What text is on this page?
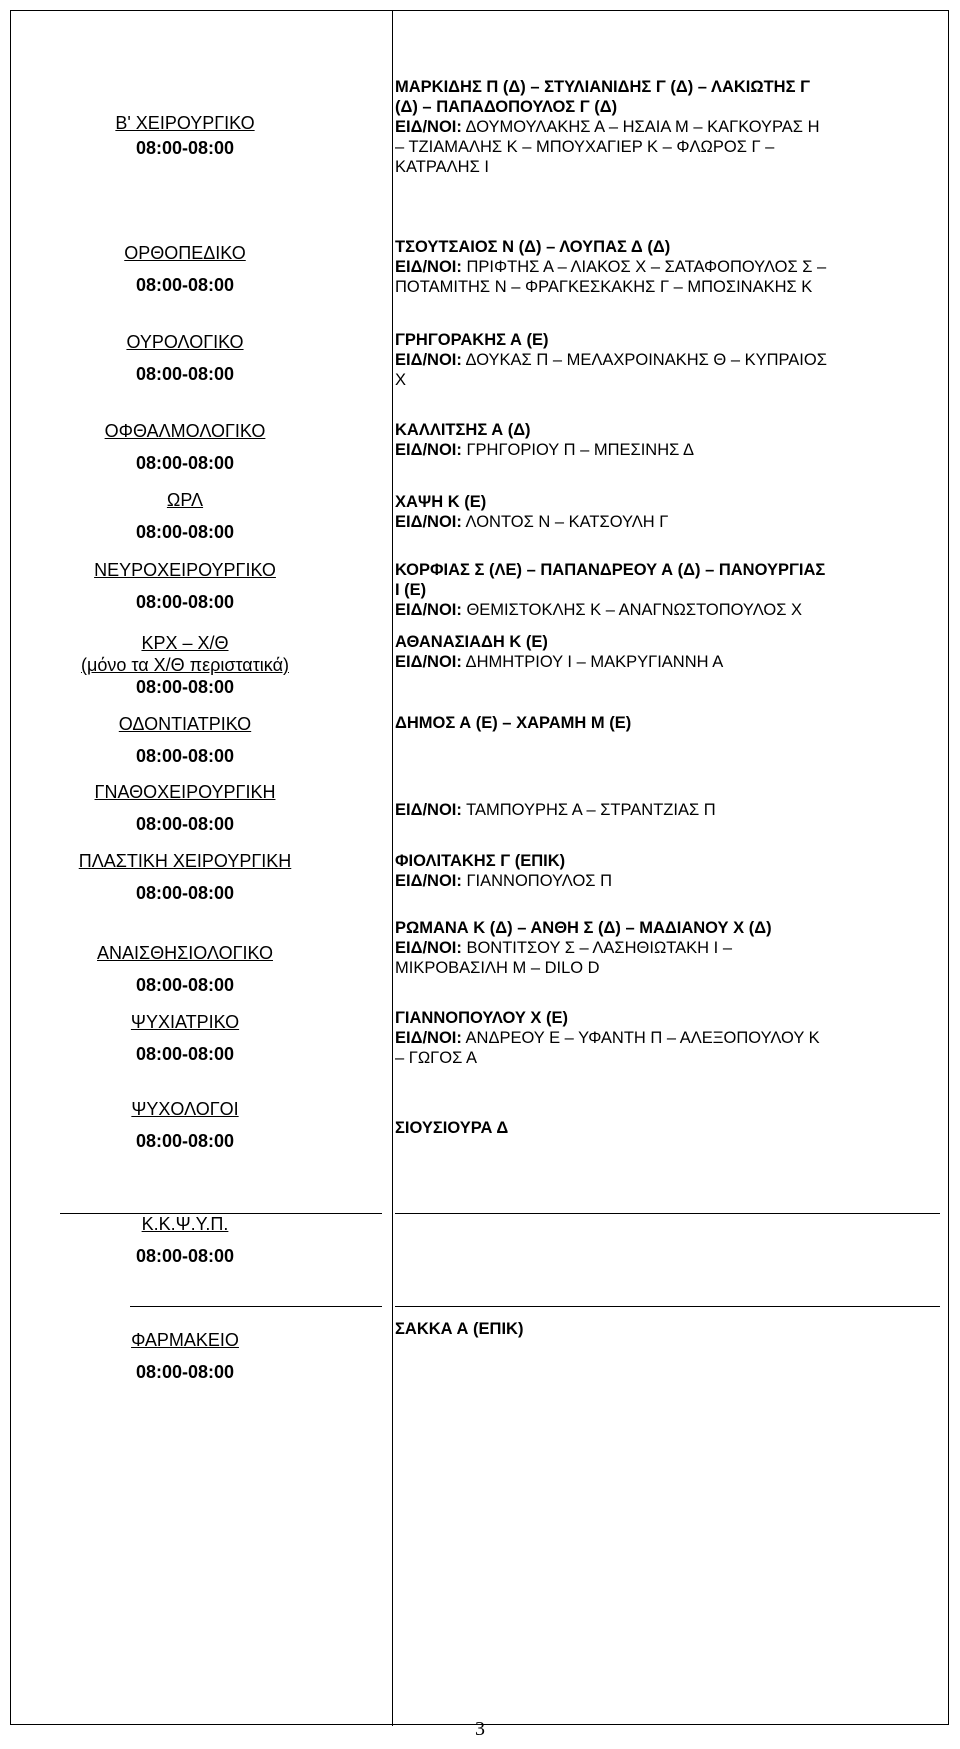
Β' ΧΕΙΡΟΥΡΓΙΚΟ
08:00-08:00
ΜΑΡΚΙΔΗΣ Π (Δ) – ΣΤΥΛΙΑΝΙΔΗΣ Γ (Δ) – ΛΑΚΙΩΤΗΣ Γ
(Δ) – ΠΑΠΑΔΟΠΟΥΛΟΣ Γ (Δ)
ΕΙΔ/ΝΟΙ: ΔΟΥΜΟΥΛΑΚΗΣ Α – ΗΣΑΙΑ Μ – ΚΑΓΚΟΥΡΑΣ Η
– ΤΖΙΑΜΑΛΗΣ Κ – ΜΠΟΥΧΑΓΙΕΡ Κ – ΦΛΩΡΟΣ Γ –
ΚΑΤΡΑΛΗΣ Ι
ΟΡΘΟΠΕΔΙΚΟ
08:00-08:00
ΤΣΟΥΤΣΑΙΟΣ Ν (Δ) – ΛΟΥΠΑΣ Δ (Δ)
ΕΙΔ/ΝΟΙ: ΠΡΙΦΤΗΣ Α – ΛΙΑΚΟΣ Χ – ΣΑΤΑΦΟΠΟΥΛΟΣ Σ –
ΠΟΤΑΜΙΤΗΣ Ν – ΦΡΑΓΚΕΣΚΑΚΗΣ Γ – ΜΠΟΣΙΝΑΚΗΣ Κ
ΟΥΡΟΛΟΓΙΚΟ
08:00-08:00
ΓΡΗΓΟΡΑΚΗΣ Α (Ε)
ΕΙΔ/ΝΟΙ: ΔΟΥΚΑΣ Π – ΜΕΛΑΧΡΟΙΝΑΚΗΣ Θ – ΚΥΠΡΑΙΟΣ
Χ
ΟΦΘΑΛΜΟΛΟΓΙΚΟ
08:00-08:00
ΚΑΛΛΙΤΣΗΣ Α (Δ)
ΕΙΔ/ΝΟΙ: ΓΡΗΓΟΡΙΟΥ Π – ΜΠΕΣΙΝΗΣ Δ
ΩΡΛ
08:00-08:00
ΧΑΨΗ Κ (Ε)
ΕΙΔ/ΝΟΙ: ΛΟΝΤΟΣ Ν – ΚΑΤΣΟΥΛΗ Γ
ΝΕΥΡΟΧΕΙΡΟΥΡΓΙΚΟ
08:00-08:00
ΚΟΡΦΙΑΣ Σ (ΛΕ) – ΠΑΠΑΝΔΡΕΟΥ Α (Δ) – ΠΑΝΟΥΡΓΙΑΣ
Ι (Ε)
ΕΙΔ/ΝΟΙ: ΘΕΜΙΣΤΟΚΛΗΣ Κ – ΑΝΑΓΝΩΣΤΟΠΟΥΛΟΣ Χ
ΚΡΧ – Χ/Θ
(μόνο τα Χ/Θ περιστατικά)
08:00-08:00
ΑΘΑΝΑΣΙΑΔΗ Κ (Ε)
ΕΙΔ/ΝΟΙ: ΔΗΜΗΤΡΙΟΥ Ι – ΜΑΚΡΥΓΙΑΝΝΗ Α
ΟΔΟΝΤΙΑΤΡΙΚΟ
08:00-08:00
ΔΗΜΟΣ Α (Ε) – ΧΑΡΑΜΗ Μ (Ε)
ΓΝΑΘΟΧΕΙΡΟΥΡΓΙΚΗ
08:00-08:00
ΕΙΔ/ΝΟΙ: ΤΑΜΠΟΥΡΗΣ Α – ΣΤΡΑΝΤΖΙΑΣ Π
ΠΛΑΣΤΙΚΗ ΧΕΙΡΟΥΡΓΙΚΗ
08:00-08:00
ΦΙΟΛΙΤΑΚΗΣ Γ (ΕΠΙΚ)
ΕΙΔ/ΝΟΙ: ΓΙΑΝΝΟΠΟΥΛΟΣ Π
ΑΝΑΙΣΘΗΣΙΟΛΟΓΙΚΟ
08:00-08:00
ΡΩΜΑΝΑ Κ (Δ) – ΑΝΘΗ Σ (Δ) – ΜΑΔΙΑΝΟΥ Χ (Δ)
ΕΙΔ/ΝΟΙ: ΒΟΝΤΙΤΣΟΥ Σ – ΛΑΣΗΘΙΩΤΑΚΗ Ι –
ΜΙΚΡΟΒΑΣΙΛΗ Μ – DILO D
ΨΥΧΙΑΤΡΙΚΟ
08:00-08:00
ΓΙΑΝΝΟΠΟΥΛΟΥ Χ (Ε)
ΕΙΔ/ΝΟΙ: ΑΝΔΡΕΟΥ Ε – ΥΦΑΝΤΗ Π – ΑΛΕΞΟΠΟΥΛΟΥ Κ
– ΓΩΓΟΣ Α
ΨΥΧΟΛΟΓΟΙ
08:00-08:00
ΣΙΟΥΣΙΟΥΡΑ Δ
Κ.Κ.Ψ.Υ.Π.
08:00-08:00
ΦΑΡΜΑΚΕΙΟ
08:00-08:00
ΣΑΚΚΑ Α (ΕΠΙΚ)
3
